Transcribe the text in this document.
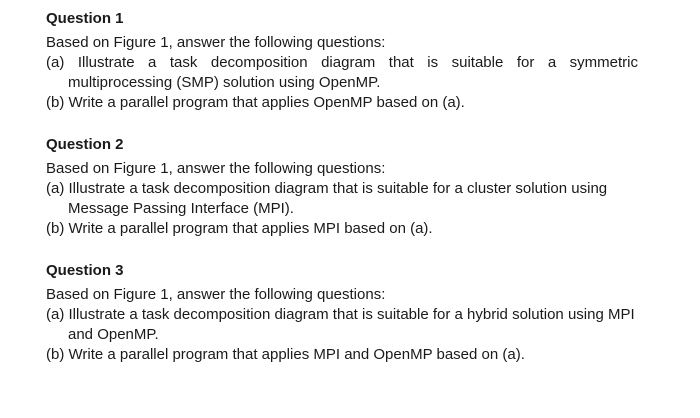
Question 1
Based on Figure 1, answer the following questions:
(a) Illustrate a task decomposition diagram that is suitable for a symmetric multiprocessing (SMP) solution using OpenMP.
(b) Write a parallel program that applies OpenMP based on (a).
Question 2
Based on Figure 1, answer the following questions:
(a) Illustrate a task decomposition diagram that is suitable for a cluster solution using Message Passing Interface (MPI).
(b) Write a parallel program that applies MPI based on (a).
Question 3
Based on Figure 1, answer the following questions:
(a) Illustrate a task decomposition diagram that is suitable for a hybrid solution using MPI and OpenMP.
(b) Write a parallel program that applies MPI and OpenMP based on (a).
